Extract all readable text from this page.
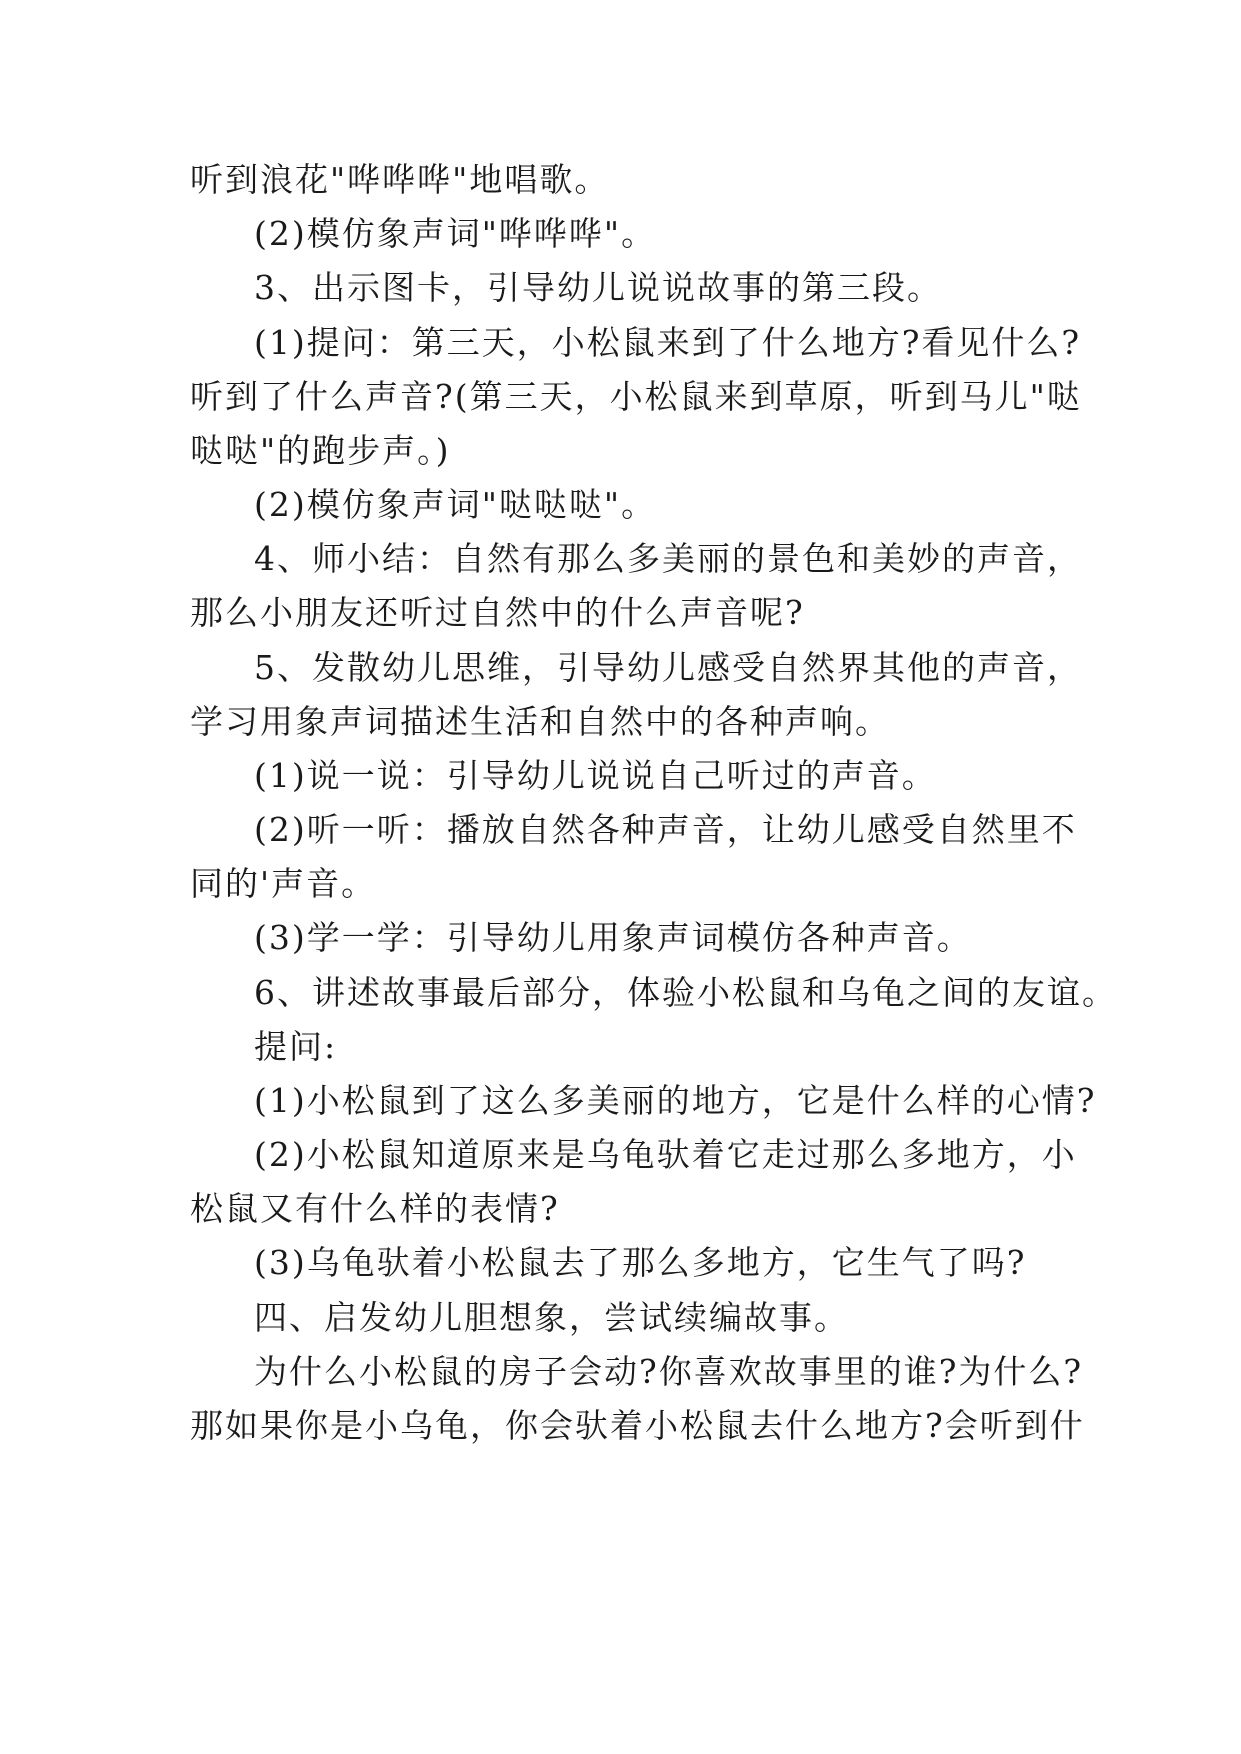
听到浪花"哗哗哗"地唱歌。
(2)模仿象声词"哗哗哗"。
3、出示图卡，引导幼儿说说故事的第三段。
(1)提问：第三天，小松鼠来到了什么地方?看见什么?
听到了什么声音?(第三天，小松鼠来到草原，听到马儿"哒
哒哒"的跑步声。)
(2)模仿象声词"哒哒哒"。
4、师小结：自然有那么多美丽的景色和美妙的声音，
那么小朋友还听过自然中的什么声音呢?
5、发散幼儿思维，引导幼儿感受自然界其他的声音，
学习用象声词描述生活和自然中的各种声响。
(1)说一说：引导幼儿说说自己听过的声音。
(2)听一听：播放自然各种声音，让幼儿感受自然里不
同的'声音。
(3)学一学：引导幼儿用象声词模仿各种声音。
6、讲述故事最后部分，体验小松鼠和乌龟之间的友谊。
提问:
(1)小松鼠到了这么多美丽的地方，它是什么样的心情?
(2)小松鼠知道原来是乌龟驮着它走过那么多地方，小
松鼠又有什么样的表情?
(3)乌龟驮着小松鼠去了那么多地方，它生气了吗?
四、启发幼儿胆想象，尝试续编故事。
为什么小松鼠的房子会动?你喜欢故事里的谁?为什么?
那如果你是小乌龟，你会驮着小松鼠去什么地方?会听到什
